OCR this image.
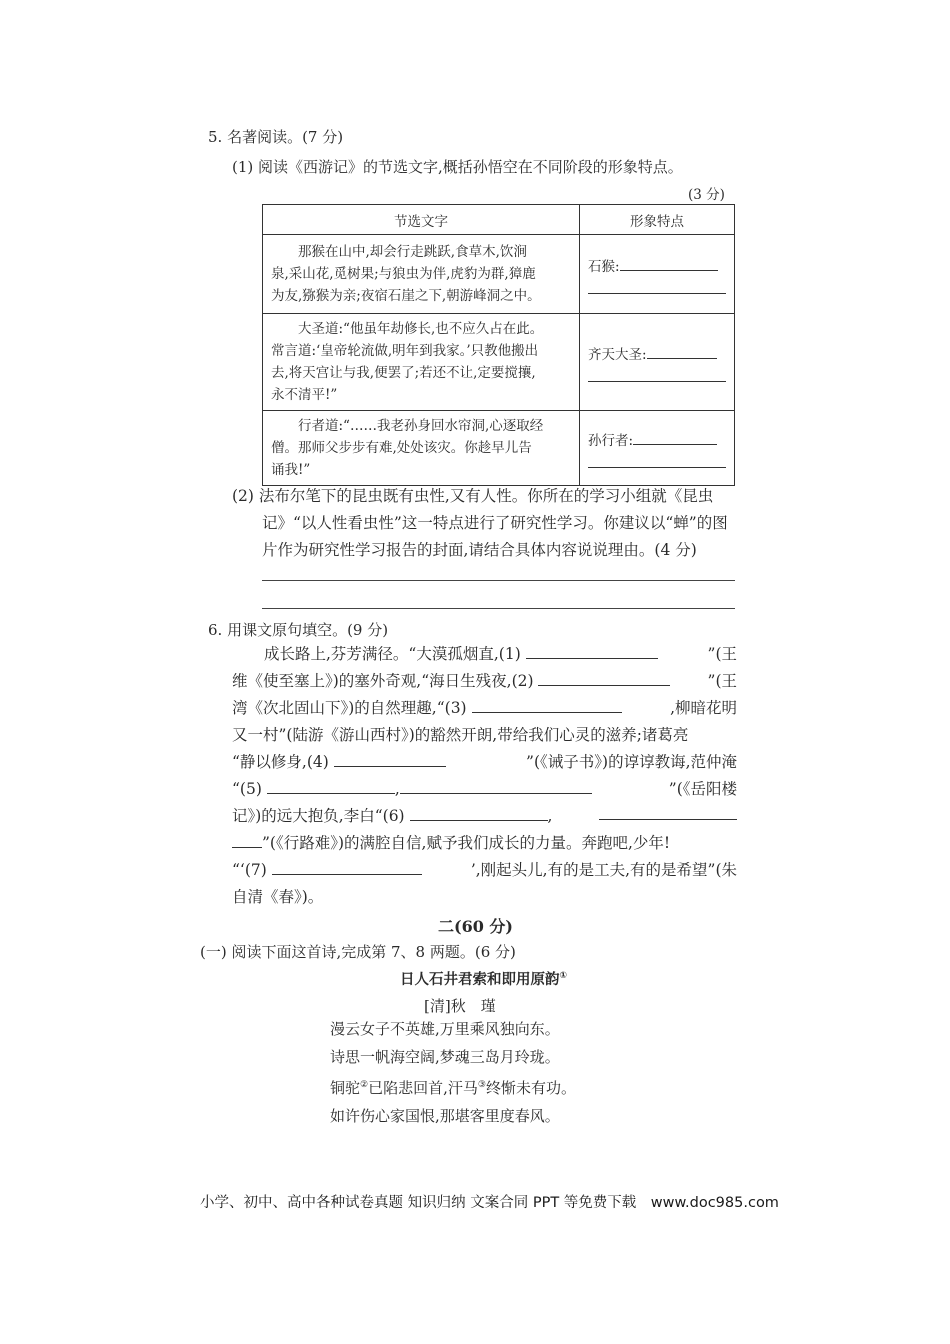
5. 名著阅读。(7 分)
(1) 阅读《西游记》的节选文字,概括孙悟空在不同阶段的形象特点。
(3 分)
节选文字	形象特点

那猴在山中,却会行走跳跃,食草木,饮涧
泉,采山花,觅树果;与狼虫为伴,虎豹为群,獐鹿
为友,猕猴为亲;夜宿石崖之下,朝游峰洞之中。	石猴:

大圣道:“他虽年劫修长,也不应久占在此。
常言道:‘皇帝轮流做,明年到我家。’只教他搬出
去,将天宫让与我,便罢了;若还不让,定要搅攘,
永不清平!”	齐天大圣:

行者道:“……我老孙身回水帘洞,心逐取经
僧。那师父步步有难,处处该灾。你趁早儿告
诵我!”	孙行者:
(2) 法布尔笔下的昆虫既有虫性,又有人性。你所在的学习小组就《昆虫
记》“以人性看虫性”这一特点进行了研究性学习。你建议以“蝉”的图
片作为研究性学习报告的封面,请结合具体内容说说理由。(4 分)
6. 用课文原句填空。(9 分)
成长路上,芬芳满径。“大漠孤烟直,(1)	”(王
维《使至塞上》)的塞外奇观,“海日生残夜,(2)	”(王
湾《次北固山下》)的自然理趣,“(3)	,柳暗花明
又一村”(陆游《游山西村》)的豁然开朗,带给我们心灵的滋养;诸葛亮
“静以修身,(4)	”(《诫子书》)的谆谆教诲,范仲淹
“(5)	,	”(《岳阳楼
记》)的远大抱负,李白“(6)	,
”(《行路难》)的满腔自信,赋予我们成长的力量。奔跑吧,少年!
“‘(7)	’,刚起头儿,有的是工夫,有的是希望”(朱
自清《春》)。
二(60 分)
(一) 阅读下面这首诗,完成第 7、8 两题。(6 分)
日人石井君索和即用原韵①
[清]秋　瑾
漫云女子不英雄,万里乘风独向东。
诗思一帆海空阔,梦魂三岛月玲珑。
铜驼②已陷悲回首,汗马③终惭未有功。
如许伤心家国恨,那堪客里度春风。
小学、初中、高中各种试卷真题 知识归纳 文案合同 PPT 等免费下载　www.doc985.com
